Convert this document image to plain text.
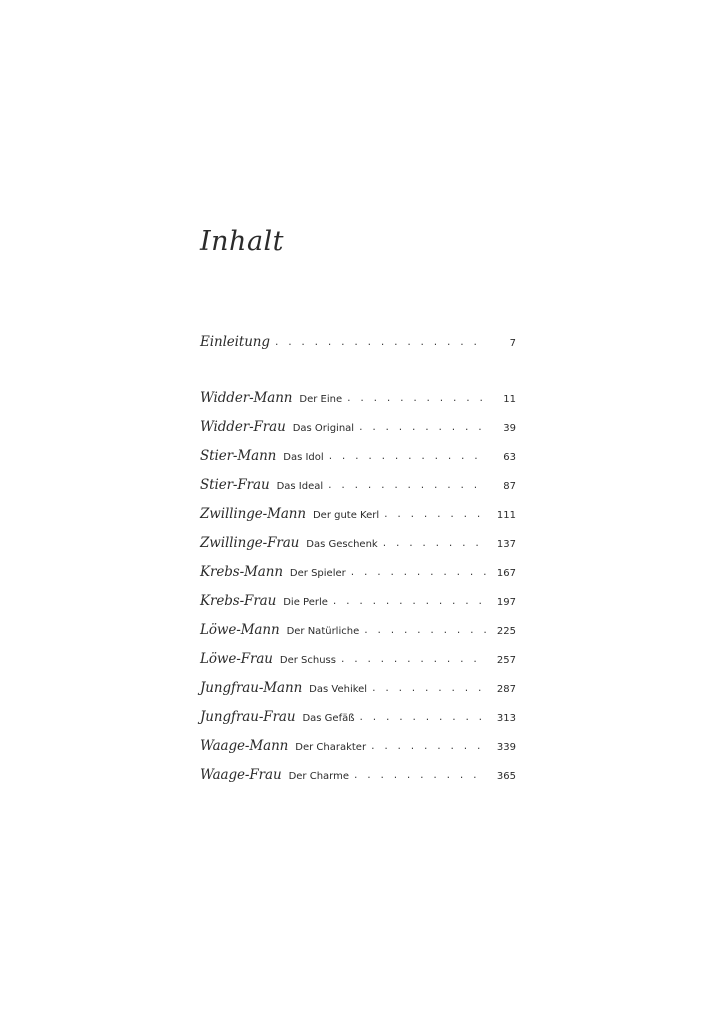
Inhalt
Einleitung . . .	7
Widder-Mann Der Eine . . .	11
Widder-Frau Das Original . . .	39
Stier-Mann Das Idol . . .	63
Stier-Frau Das Ideal . . .	87
Zwillinge-Mann Der gute Kerl . . .	111
Zwillinge-Frau Das Geschenk . . .	137
Krebs-Mann Der Spieler . . .	167
Krebs-Frau Die Perle . . .	197
Löwe-Mann Der Natürliche . . .	225
Löwe-Frau Der Schuss . . .	257
Jungfrau-Mann Das Vehikel . . .	287
Jungfrau-Frau Das Gefäß . . .	313
Waage-Mann Der Charakter . . .	339
Waage-Frau Der Charme . . .	365
